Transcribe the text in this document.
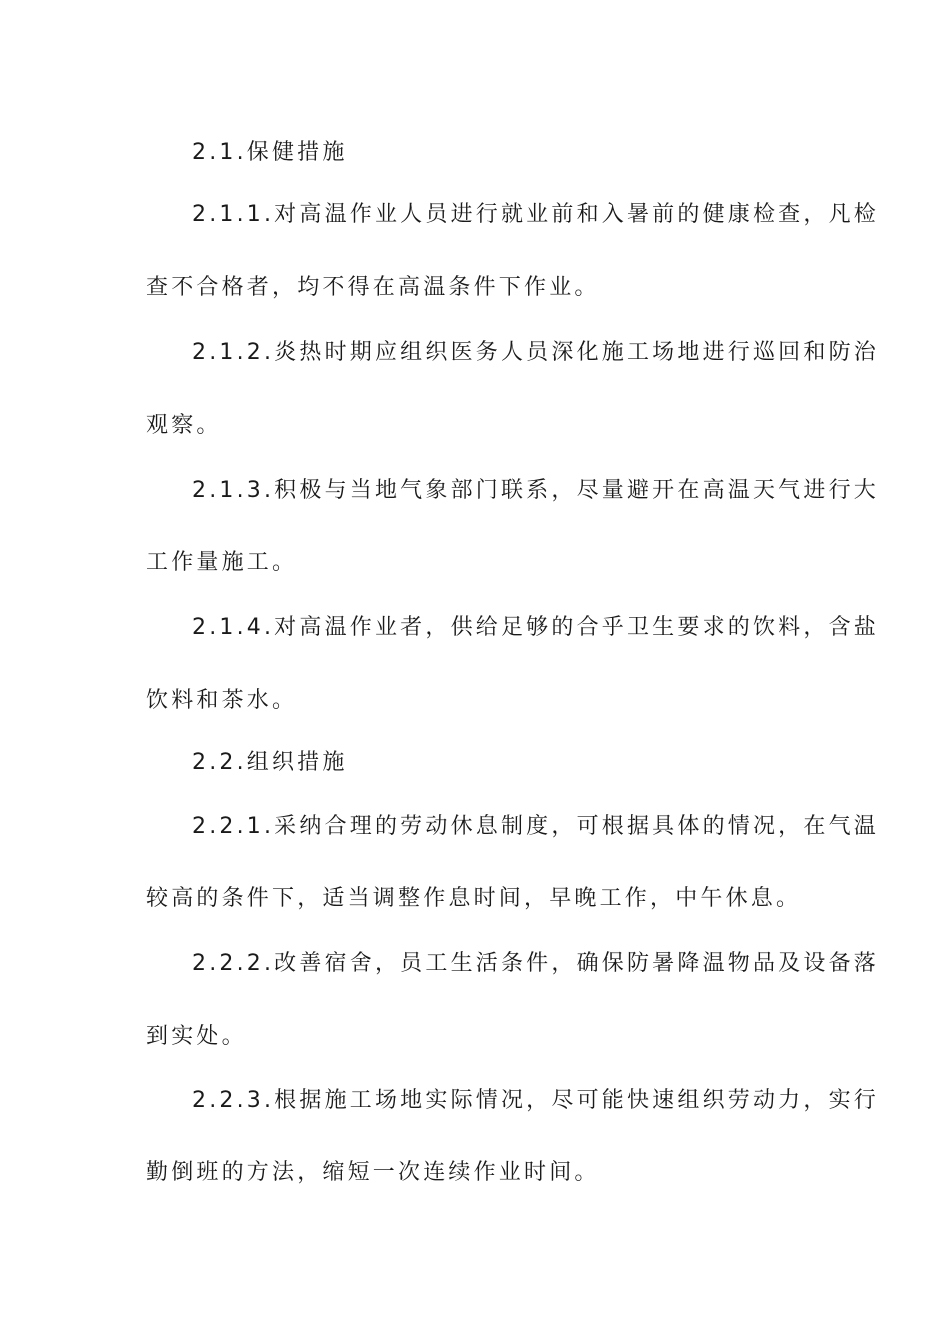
2.1.保健措施
2.1.1.对高温作业人员进行就业前和入暑前的健康检查，凡检
查不合格者，均不得在高温条件下作业。
2.1.2.炎热时期应组织医务人员深化施工场地进行巡回和防治
观察。
2.1.3.积极与当地气象部门联系，尽量避开在高温天气进行大
工作量施工。
2.1.4.对高温作业者，供给足够的合乎卫生要求的饮料，含盐
饮料和茶水。
2.2.组织措施
2.2.1.采纳合理的劳动休息制度，可根据具体的情况，在气温
较高的条件下，适当调整作息时间，早晚工作，中午休息。
2.2.2.改善宿舍，员工生活条件，确保防暑降温物品及设备落
到实处。
2.2.3.根据施工场地实际情况，尽可能快速组织劳动力，实行
勤倒班的方法，缩短一次连续作业时间。
